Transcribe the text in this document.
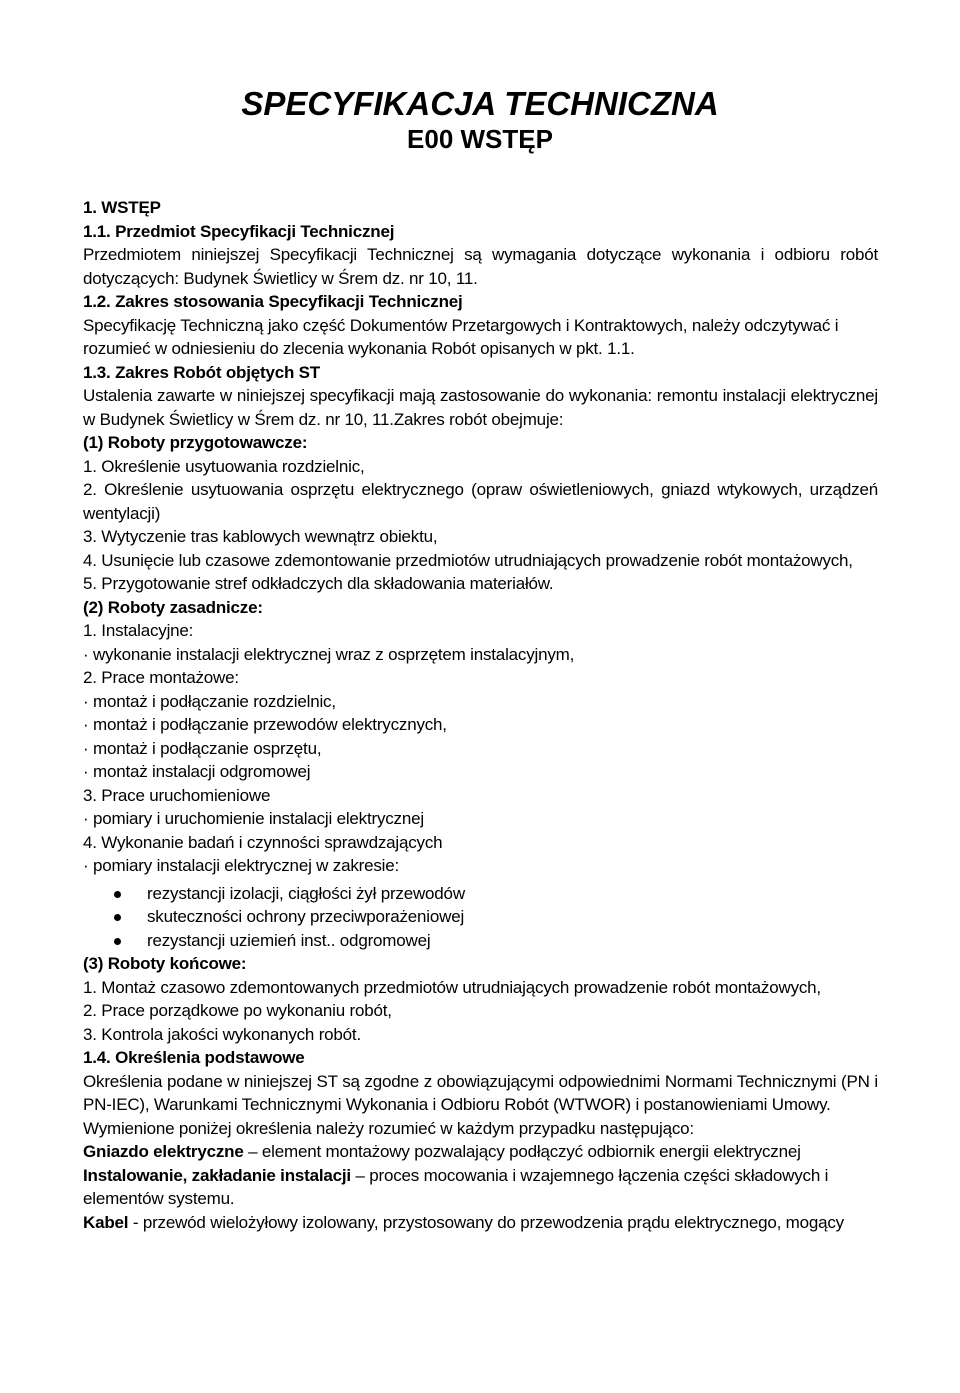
SPECYFIKACJA TECHNICZNA
E00 WSTĘP

1. WSTĘP

1.1. Przedmiot Specyfikacji Technicznej

Przedmiotem niniejszej Specyfikacji Technicznej są wymagania dotyczące wykonania i odbioru robót dotyczących: Budynek Świetlicy w Śrem dz. nr 10, 11.

1.2. Zakres stosowania Specyfikacji Technicznej

Specyfikację Techniczną jako część Dokumentów Przetargowych i Kontraktowych, należy odczytywać i rozumieć w odniesieniu do zlecenia wykonania Robót opisanych w pkt. 1.1.

1.3. Zakres Robót objętych ST

Ustalenia zawarte w niniejszej specyfikacji mają zastosowanie do wykonania: remontu instalacji elektrycznej w Budynek Świetlicy w Śrem dz. nr 10, 11.Zakres robót obejmuje:

(1) Roboty przygotowawcze:

1. Określenie usytuowania rozdzielnic,

2. Określenie usytuowania osprzętu elektrycznego (opraw oświetleniowych, gniazd wtykowych, urządzeń wentylacji)

3. Wytyczenie tras kablowych wewnątrz obiektu,

4. Usunięcie lub czasowe zdemontowanie przedmiotów utrudniających prowadzenie robót montażowych,

5. Przygotowanie stref odkładczych dla składowania materiałów.

(2) Roboty zasadnicze:

1. Instalacyjne:

· wykonanie instalacji elektrycznej wraz z osprzętem instalacyjnym,

2. Prace montażowe:

· montaż i podłączanie rozdzielnic,

· montaż i podłączanie przewodów elektrycznych,

· montaż i podłączanie osprzętu,

· montaż instalacji odgromowej

3. Prace uruchomieniowe

· pomiary i uruchomienie instalacji elektrycznej

4. Wykonanie badań i czynności sprawdzających

· pomiary instalacji elektrycznej w zakresie:

rezystancji izolacji, ciągłości żył przewodów
skuteczności ochrony przeciwporażeniowej
rezystancji uziemień inst.. odgromowej

(3) Roboty końcowe:

1. Montaż czasowo zdemontowanych przedmiotów utrudniających prowadzenie robót montażowych,

2. Prace porządkowe po wykonaniu robót,

3. Kontrola jakości wykonanych robót.

1.4. Określenia podstawowe

Określenia podane w niniejszej ST są zgodne z obowiązującymi odpowiednimi Normami Technicznymi (PN i PN-IEC), Warunkami Technicznymi Wykonania i Odbioru Robót (WTWOR) i postanowieniami Umowy.

Wymienione poniżej określenia należy rozumieć w każdym przypadku następująco:

Gniazdo elektryczne – element montażowy pozwalający podłączyć odbiornik energii elektrycznej

Instalowanie, zakładanie instalacji – proces mocowania i wzajemnego łączenia części składowych i elementów systemu.

Kabel - przewód wielożyłowy izolowany, przystosowany do przewodzenia prądu elektrycznego, mogący
